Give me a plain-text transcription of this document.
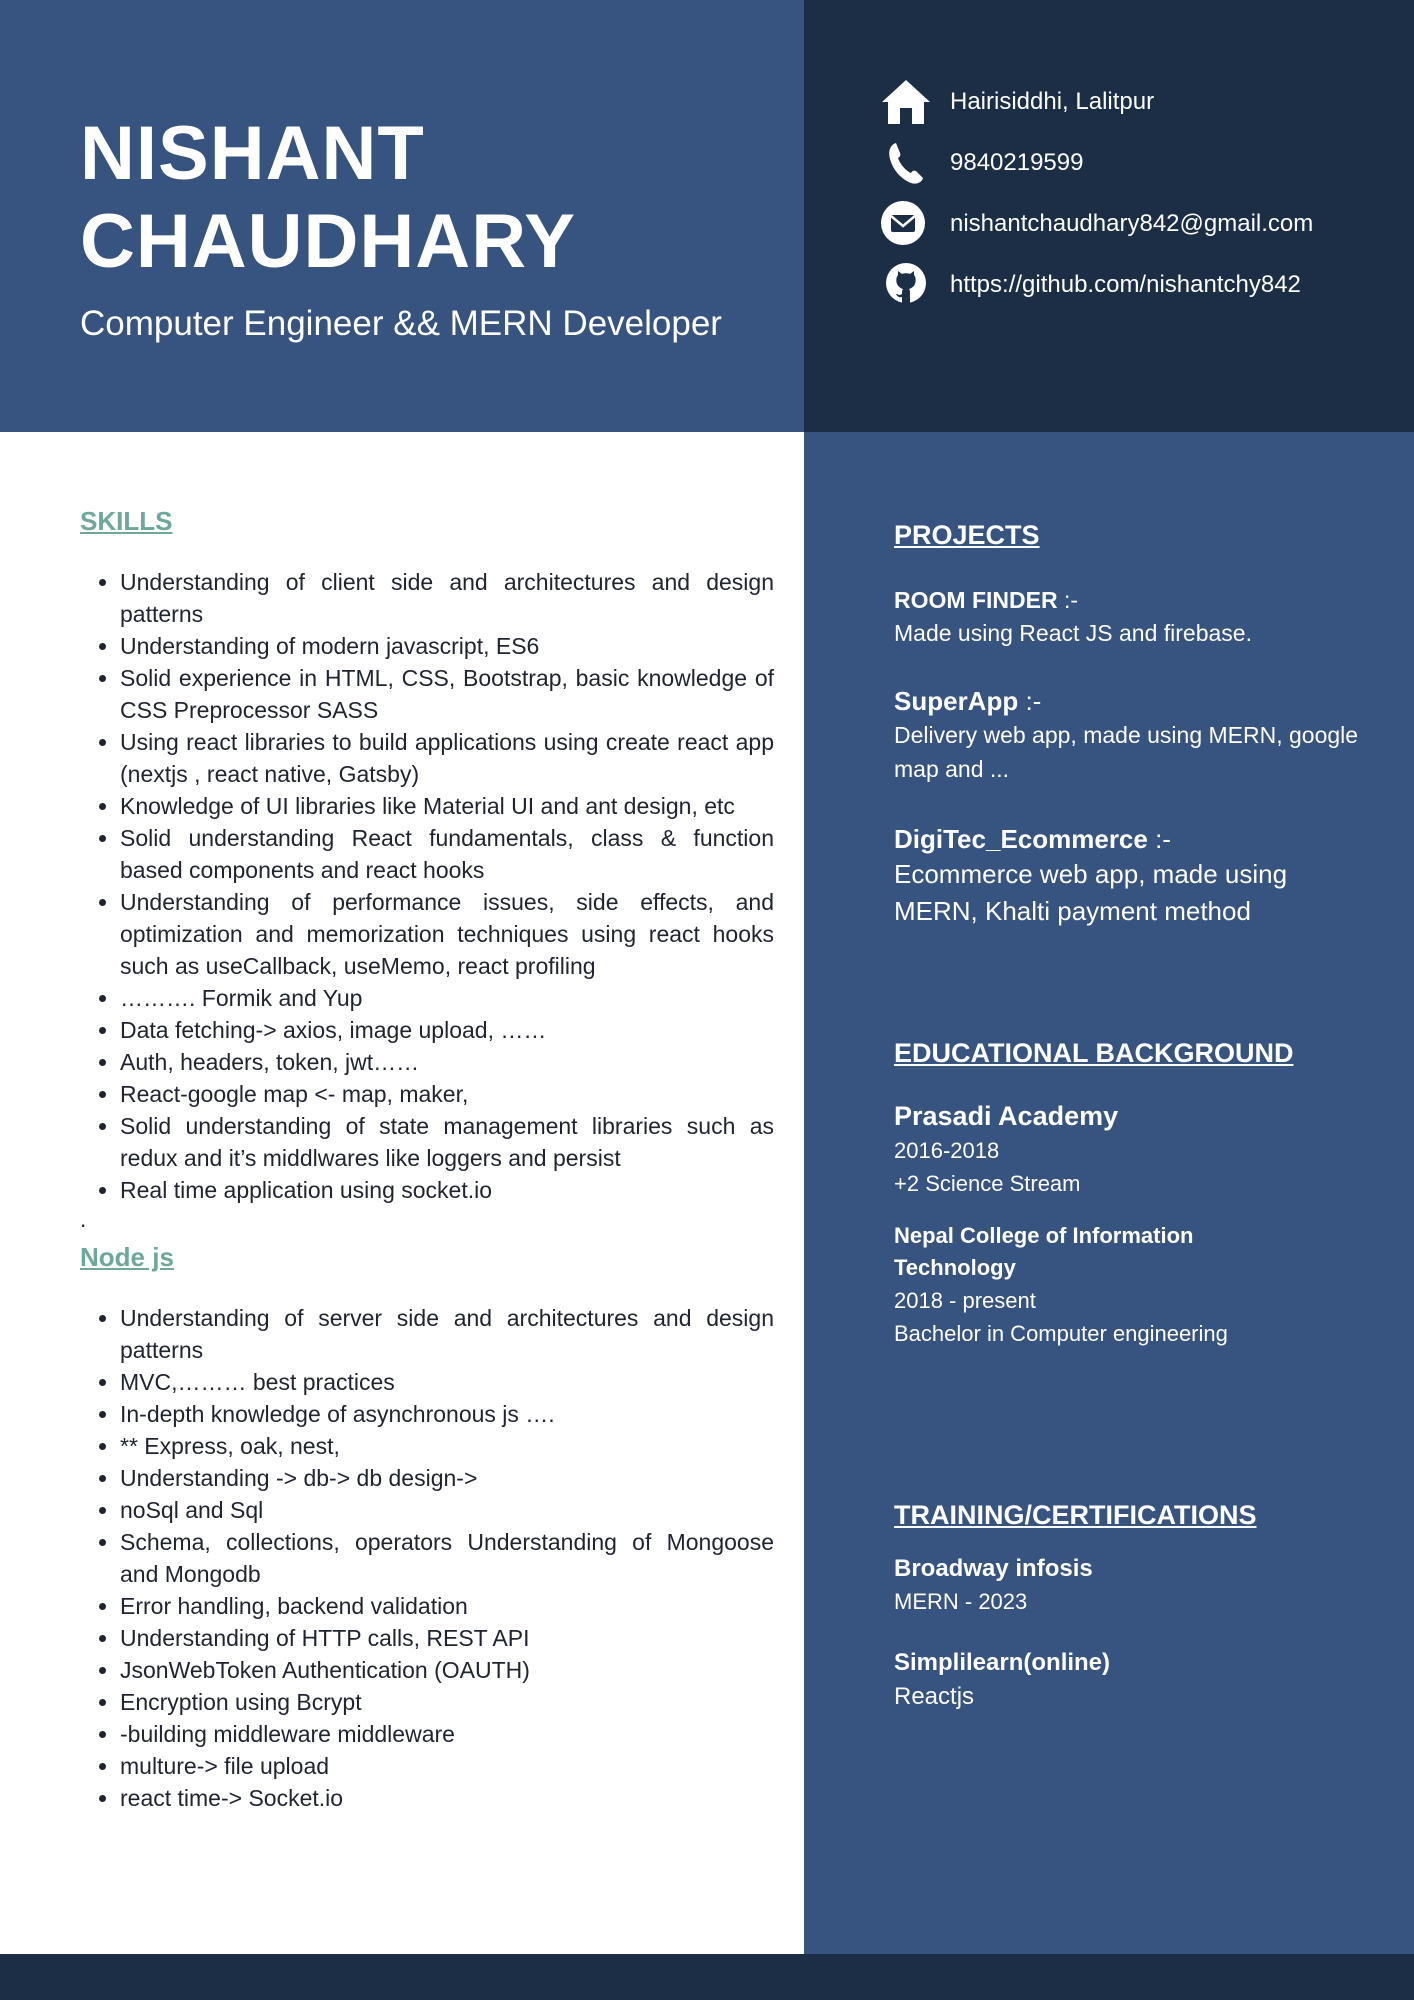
NISHANT
CHAUDHARY

Computer Engineer && MERN Developer

Hairisiddhi, Lalitpur
9840219599
nishantchaudhary842@gmail.com
https://github.com/nishantchy842

SKILLS

• Understanding of client side and architectures and design patterns
• Understanding of modern javascript, ES6
• Solid experience in HTML, CSS, Bootstrap, basic knowledge of CSS Preprocessor SASS
• Using react libraries to build applications using create react app (nextjs , react native, Gatsby)
• Knowledge of UI libraries like Material UI and ant design, etc
• Solid understanding React fundamentals, class & function based components and react hooks
• Understanding of performance issues, side effects, and optimization and memorization techniques using react hooks such as useCallback, useMemo, react profiling
• ………. Formik and Yup
• Data fetching-> axios, image upload, ……
• Auth, headers, token, jwt……
• React-google map <- map, maker,
• Solid understanding of state management libraries such as redux and it’s middlwares like loggers and persist
• Real time application using socket.io

.

Node js

• Understanding of server side and architectures and design patterns
• MVC,……… best practices
• In-depth knowledge of asynchronous js ….
• ** Express, oak, nest,
• Understanding -> db-> db design->
• noSql and Sql
• Schema, collections, operators Understanding of Mongoose and Mongodb
• Error handling, backend validation
• Understanding of HTTP calls, REST API
• JsonWebToken Authentication (OAUTH)
• Encryption using Bcrypt
• -building middleware middleware
• multure-> file upload
• react time-> Socket.io

PROJECTS

ROOM FINDER :-

Made using React JS and firebase.

SuperApp :-

Delivery web app, made using MERN, google map and ...

DigiTec_Ecommerce :-

Ecommerce web app, made using MERN, Khalti payment method

EDUCATIONAL BACKGROUND

Prasadi Academy

2016-2018

+2 Science Stream

Nepal College of Information Technology

2018 - present

Bachelor in Computer engineering

TRAINING/CERTIFICATIONS

Broadway infosis

MERN - 2023

Simplilearn(online)

Reactjs
